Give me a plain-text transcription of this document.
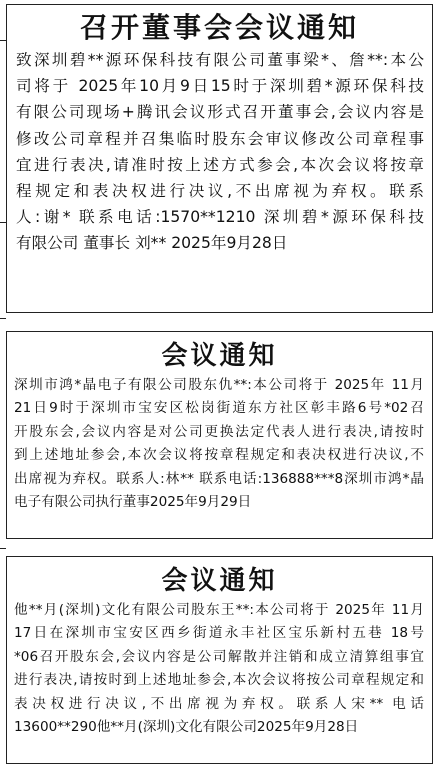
召开董事会会议通知
致深圳碧**源环保科技有限公司董事梁*、詹**:本公
司将于 2025年10月9日15时于深圳碧*源环保科技
有限公司现场+腾讯会议形式召开董事会,会议内容是
修改公司章程并召集临时股东会审议修改公司章程事
宜进行表决,请准时按上述方式参会,本次会议将按章
程规定和表决权进行决议,不出席视为弃权。联系
人:谢* 联系电话:1570**1210 深圳碧*源环保科技
有限公司 董事长 刘** 2025年9月28日
会议通知
深圳市鸿*晶电子有限公司股东仇**:本公司将于 2025年 11月
21日9时于深圳市宝安区松岗街道东方社区彰丰路6号*02召
开股东会,会议内容是对公司更换法定代表人进行表决,请按时
到上述地址参会,本次会议将按章程规定和表决权进行决议,不
出席视为弃权。联系人:林** 联系电话:136888***8深圳市鸿*晶
电子有限公司执行董事2025年9月29日
会议通知
他**月(深圳)文化有限公司股东王**:本公司将于 2025年 11月
17日在深圳市宝安区西乡街道永丰社区宝乐新村五巷 18号
*06召开股东会,会议内容是公司解散并注销和成立清算组事宜
进行表决,请按时到上述地址参会,本次会议将按公司章程规定和
表决权进行决议,不出席视为弃权。联系人宋** 电话
13600**290他**月(深圳)文化有限公司2025年9月28日
